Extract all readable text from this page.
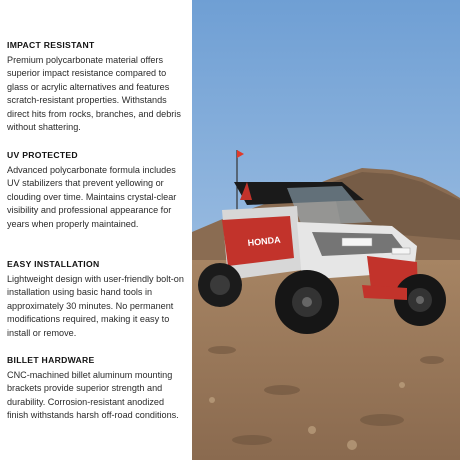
IMPACT RESISTANT

Premium polycarbonate material offers superior impact resistance compared to glass or acrylic alternatives and features scratch-resistant properties. Withstands direct hits from rocks, branches, and debris without shattering.

UV PROTECTED

Advanced polycarbonate formula includes UV stabilizers that prevent yellowing or clouding over time. Maintains crystal-clear visibility and professional appearance for years when properly maintained.

EASY INSTALLATION

Lightweight design with user-friendly bolt-on installation using basic hand tools in approximately 30 minutes. No permanent modifications required, making it easy to install or remove.

BILLET HARDWARE

CNC-machined billet aluminum mounting brackets provide superior strength and durability. Corrosion-resistant anodized finish withstands harsh off-road conditions.

HONDA
